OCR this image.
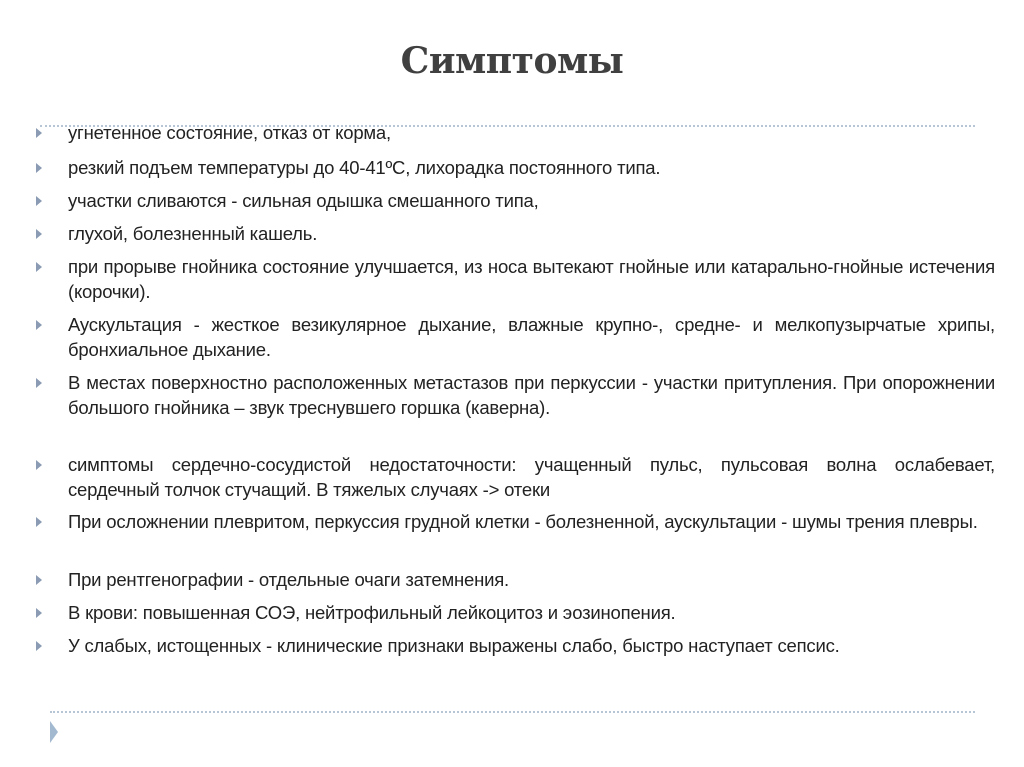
Симптомы
угнетенное состояние, отказ от корма,
резкий подъем температуры до 40-41ºС, лихорадка постоянного типа.
участки сливаются - сильная одышка смешанного типа,
глухой, болезненный кашель.
при прорыве гнойника состояние улучшается, из носа вытекают гнойные или катарально-гнойные истечения (корочки).
Аускультация - жесткое везикулярное дыхание, влажные крупно-, средне- и мелкопузырчатые хрипы, бронхиальное дыхание.
В местах поверхностно расположенных метастазов при перкуссии - участки притупления. При опорожнении большого гнойника – звук треснувшего горшка (каверна).
симптомы сердечно-сосудистой недостаточности: учащенный пульс, пульсовая волна ослабевает, сердечный толчок стучащий. В тяжелых случаях -> отеки
При осложнении плевритом, перкуссия грудной клетки - болезненной, аускультации - шумы трения плевры.
При рентгенографии - отдельные очаги затемнения.
В крови: повышенная СОЭ, нейтрофильный лейкоцитоз и эозинопения.
У слабых, истощенных - клинические признаки выражены слабо, быстро наступает сепсис.
